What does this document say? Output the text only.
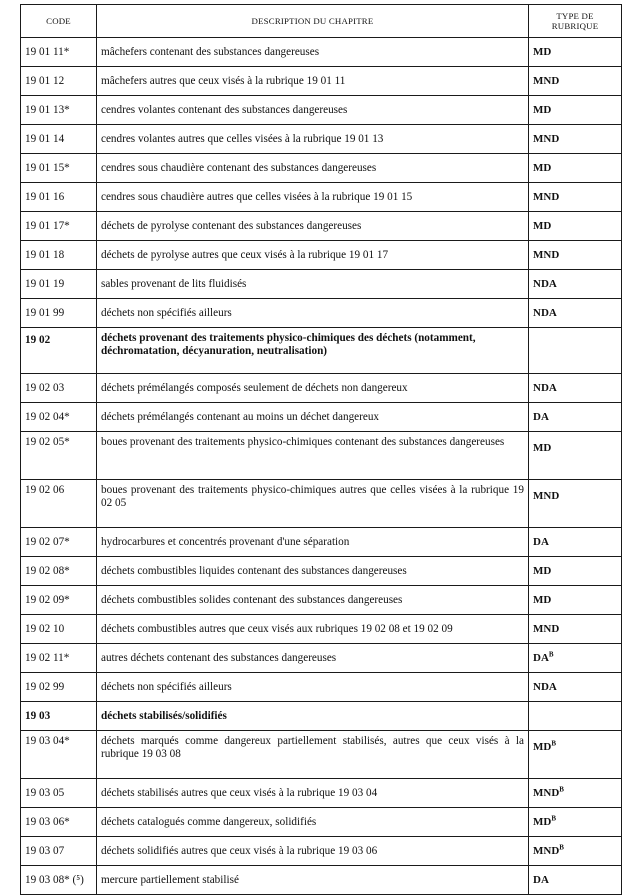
CODE	DESCRIPTION DU CHAPITRE	TYPE DE RUBRIQUE
19 01 11*	mâchefers contenant des substances dangereuses	MD
19 01 12	mâchefers autres que ceux visés à la rubrique 19 01 11	MND
19 01 13*	cendres volantes contenant des substances dangereuses	MD
19 01 14	cendres volantes autres que celles visées à la rubrique 19 01 13	MND
19 01 15*	cendres sous chaudière contenant des substances dangereuses	MD
19 01 16	cendres sous chaudière autres que celles visées à la rubrique 19 01 15	MND
19 01 17*	déchets de pyrolyse contenant des substances dangereuses	MD
19 01 18	déchets de pyrolyse autres que ceux visés à la rubrique 19 01 17	MND
19 01 19	sables provenant de lits fluidisés	NDA
19 01 99	déchets non spécifiés ailleurs	NDA
19 02	déchets provenant des traitements physico-chimiques des déchets (notamment, déchromatation, décyanuration, neutralisation)	
19 02 03	déchets prémélangés composés seulement de déchets non dangereux	NDA
19 02 04*	déchets prémélangés contenant au moins un déchet dangereux	DA
19 02 05*	boues provenant des traitements physico-chimiques contenant des substances dangereuses	MD
19 02 06	boues provenant des traitements physico-chimiques autres que celles visées à la rubrique 19 02 05	MND
19 02 07*	hydrocarbures et concentrés provenant d'une séparation	DA
19 02 08*	déchets combustibles liquides contenant des substances dangereuses	MD
19 02 09*	déchets combustibles solides contenant des substances dangereuses	MD
19 02 10	déchets combustibles autres que ceux visés aux rubriques 19 02 08 et 19 02 09	MND
19 02 11*	autres déchets contenant des substances dangereuses	$DA^B$
19 02 99	déchets non spécifiés ailleurs	NDA
19 03	déchets stabilisés/solidifiés	
19 03 04*	déchets marqués comme dangereux partiellement stabilisés, autres que ceux visés à la rubrique 19 03 08	$MD^B$
19 03 05	déchets stabilisés autres que ceux visés à la rubrique 19 03 04	$MND^B$
19 03 06*	déchets catalogués comme dangereux, solidifiés	$MD^B$
19 03 07	déchets solidifiés autres que ceux visés à la rubrique 19 03 06	$MND^B$
19 03 08* (⁵)	mercure partiellement stabilisé	DA
